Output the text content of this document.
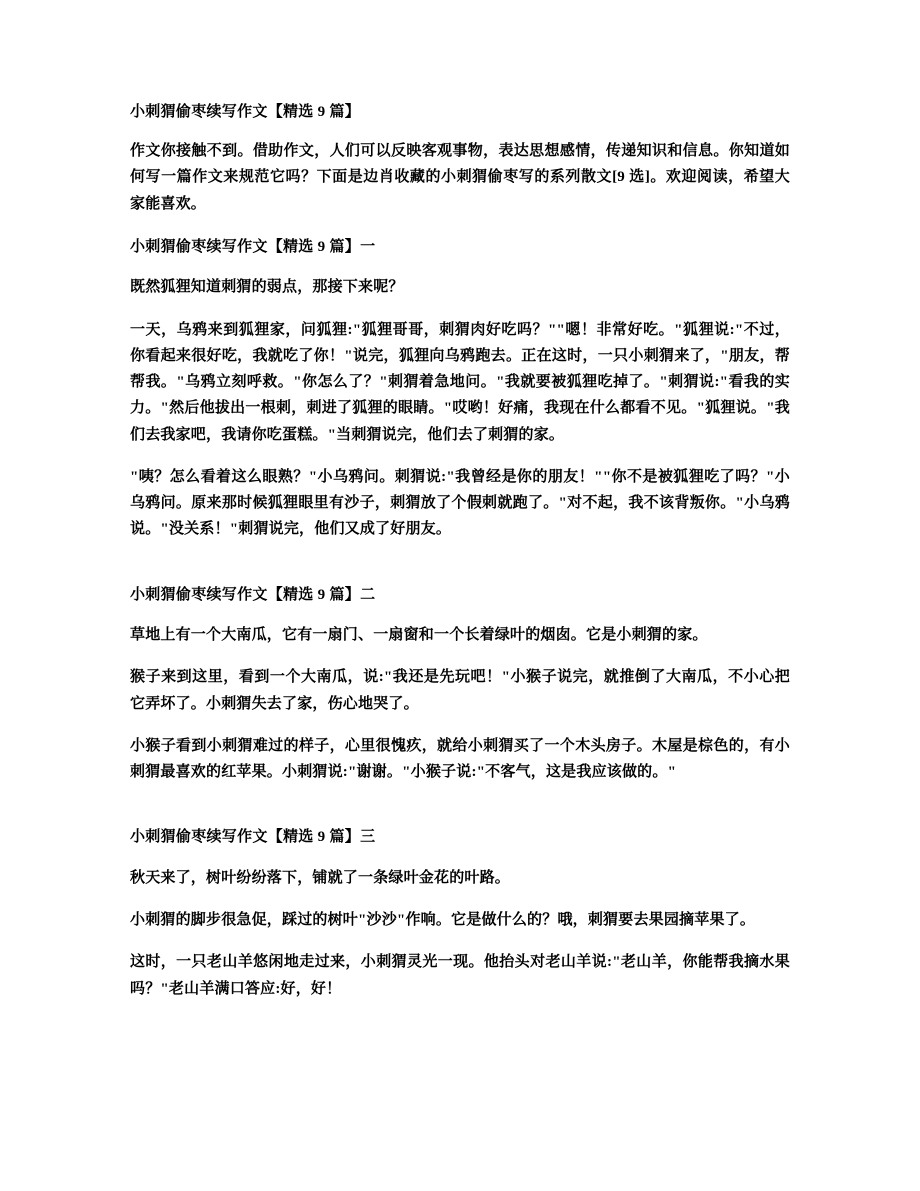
小刺猬偷枣续写作文【精选 9 篇】
作文你接触不到。借助作文，人们可以反映客观事物，表达思想感情，传递知识和信息。你知道如何写一篇作文来规范它吗？下面是边肖收藏的小刺猬偷枣写的系列散文[9 选]。欢迎阅读，希望大家能喜欢。
小刺猬偷枣续写作文【精选 9 篇】一
既然狐狸知道刺猬的弱点，那接下来呢？
一天，乌鸦来到狐狸家，问狐狸:"狐狸哥哥，刺猬肉好吃吗？""嗯！非常好吃。"狐狸说:"不过，你看起来很好吃，我就吃了你！"说完，狐狸向乌鸦跑去。正在这时，一只小刺猬来了，"朋友，帮帮我。"乌鸦立刻呼救。"你怎么了？"刺猬着急地问。"我就要被狐狸吃掉了。"刺猬说:"看我的实力。"然后他拔出一根刺，刺进了狐狸的眼睛。"哎哟！好痛，我现在什么都看不见。"狐狸说。"我们去我家吧，我请你吃蛋糕。"当刺猬说完，他们去了刺猬的家。
"咦？怎么看着这么眼熟？"小乌鸦问。刺猬说:"我曾经是你的朋友！""你不是被狐狸吃了吗？"小乌鸦问。原来那时候狐狸眼里有沙子，刺猬放了个假刺就跑了。"对不起，我不该背叛你。"小乌鸦说。"没关系！"刺猬说完，他们又成了好朋友。
小刺猬偷枣续写作文【精选 9 篇】二
草地上有一个大南瓜，它有一扇门、一扇窗和一个长着绿叶的烟囱。它是小刺猬的家。
猴子来到这里，看到一个大南瓜，说:"我还是先玩吧！"小猴子说完，就推倒了大南瓜，不小心把它弄坏了。小刺猬失去了家，伤心地哭了。
小猴子看到小刺猬难过的样子，心里很愧疚，就给小刺猬买了一个木头房子。木屋是棕色的，有小刺猬最喜欢的红苹果。小刺猬说:"谢谢。"小猴子说:"不客气，这是我应该做的。"
小刺猬偷枣续写作文【精选 9 篇】三
秋天来了，树叶纷纷落下，铺就了一条绿叶金花的叶路。
小刺猬的脚步很急促，踩过的树叶"沙沙"作响。它是做什么的？哦，刺猬要去果园摘苹果了。
这时，一只老山羊悠闲地走过来，小刺猬灵光一现。他抬头对老山羊说:"老山羊，你能帮我摘水果吗？"老山羊满口答应:好，好！
